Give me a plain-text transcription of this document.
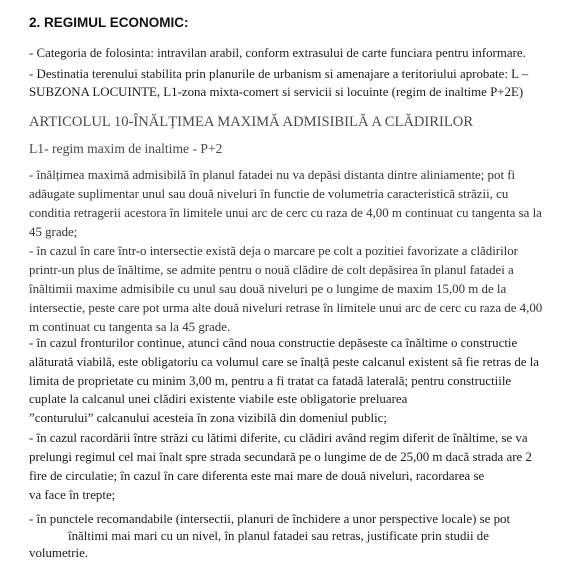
2. REGIMUL ECONOMIC:
- Categoria de folosinta: intravilan arabil, conform extrasului de carte funciara pentru informare.
- Destinatia terenului stabilita prin planurile de urbanism si amenajare a teritoriului aprobate: L –
SUBZONA LOCUINTE, L1-zona mixta-comert si servicii si locuinte (regim de inaltime P+2E)
ARTICOLUL 10-ÎNĂLȚIMEA MAXIMĂ ADMISIBILĂ A CLĂDIRILOR
L1- regim maxim de inaltime - P+2
- înălțimea maximă admisibilă în planul fatadei nu va depăsi distanta dintre aliniamente; pot fi
adăugate suplimentar unul sau două niveluri în functie de volumetria caracteristică străzii, cu
conditia retragerii acestora în limitele unui arc de cerc cu raza de 4,00 m continuat cu tangenta sa la
45 grade;
- în cazul în care într-o intersectie există deja o marcare pe colt a pozitiei favorizate a clădirilor
printr-un plus de înăltime, se admite pentru o nouă clădire de colt depăsirea în planul fatadei a
înăltimii maxime admisibile cu unul sau două niveluri pe o lungime de maxim 15,00 m de la
intersectie, peste care pot urma alte două niveluri retrase în limitele unui arc de cerc cu raza de 4,00
m continuat cu tangenta sa la 45 grade.
- în cazul fronturilor continue, atunci când noua constructie depăseste ca înăltime o constructie
alăturată viabilă, este obligatoriu ca volumul care se înalță peste calcanul existent să fie retras de la
limita de proprietate cu minim 3,00 m, pentru a fi tratat ca fatadă laterală; pentru constructiile
cuplate la calcanul unei clădiri existente viabile este obligatorie preluarea
”conturului” calcanului acesteia în zona vizibilă din domeniul public;
- în cazul racordării între străzi cu lătimi diferite, cu clădiri având regim diferit de înăltime, se va
prelungi regimul cel mai înalt spre strada secundară pe o lungime de de 25,00 m dacă strada are 2
fire de circulatie; în cazul în care diferenta este mai mare de două niveluri, racordarea se
va face în trepte;
- în punctele recomandabile (intersectii, planuri de închidere a unor perspective locale) se pot
înăltimi mai mari cu un nivel, în planul fatadei sau retras, justificate prin studii de
volumetrie.
